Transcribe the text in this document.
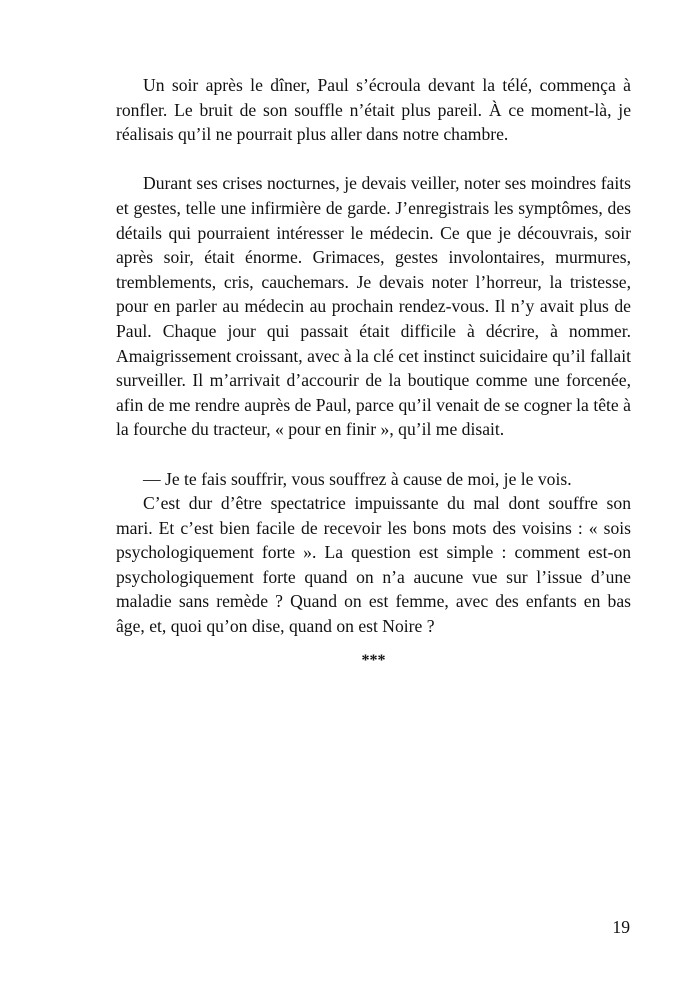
Un soir après le dîner, Paul s’écroula devant la télé, commença à ronfler. Le bruit de son souffle n’était plus pareil. À ce moment-là, je réalisais qu’il ne pourrait plus aller dans notre chambre.

Durant ses crises nocturnes, je devais veiller, noter ses moindres faits et gestes, telle une infirmière de garde. J’enregistrais les symptômes, des détails qui pourraient intéresser le médecin. Ce que je découvrais, soir après soir, était énorme. Grimaces, gestes involontaires, murmures, tremblements, cris, cauchemars. Je devais noter l’horreur, la tristesse, pour en parler au médecin au prochain rendez-vous. Il n’y avait plus de Paul. Chaque jour qui passait était difficile à décrire, à nommer. Amaigrissement croissant, avec à la clé cet instinct suicidaire qu’il fallait surveiller. Il m’arrivait d’accourir de la boutique comme une forcenée, afin de me rendre auprès de Paul, parce qu’il venait de se cogner la tête à la fourche du tracteur, « pour en finir », qu’il me disait.

— Je te fais souffrir, vous souffrez à cause de moi, je le vois.

C’est dur d’être spectatrice impuissante du mal dont souffre son mari. Et c’est bien facile de recevoir les bons mots des voisins : « sois psychologiquement forte ». La question est simple : comment est-on psychologiquement forte quand on n’a aucune vue sur l’issue d’une maladie sans remède ? Quand on est femme, avec des enfants en bas âge, et, quoi qu’on dise, quand on est Noire ?

***

19
